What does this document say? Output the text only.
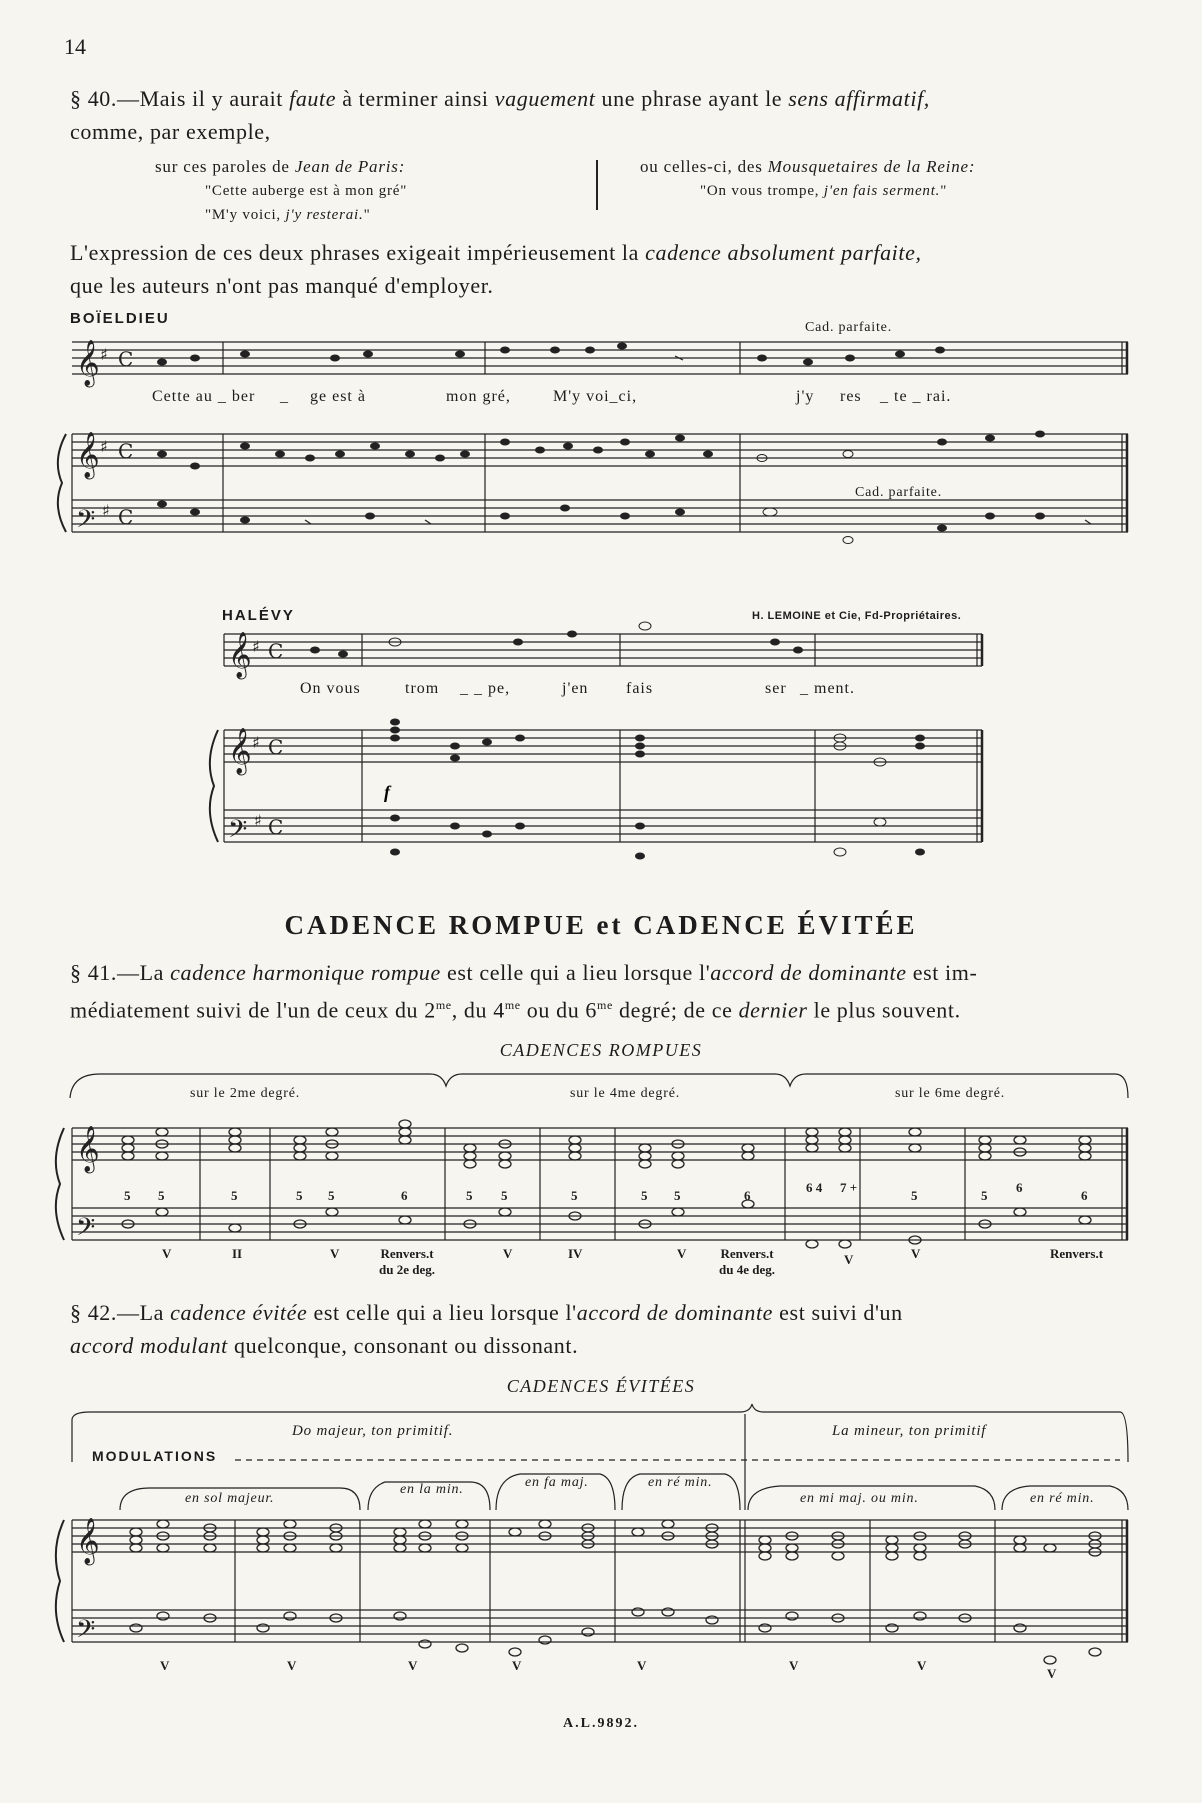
14
§ 40.—Mais il y aurait faute à terminer ainsi vaguement une phrase ayant le sens affirmatif,
comme, par exemple,
sur ces paroles de Jean de Paris:
"Cette auberge est à mon gré"
"M'y voici, j'y resterai."
ou celles-ci, des Mousquetaires de la Reine:
"On vous trompe, j'en fais serment."
L'expression de ces deux phrases exigeait impérieusement la cadence absolument parfaite,
que les auteurs n'ont pas manqué d'employer.
BOÏELDIEU
Cad. parfaite.
Cad. parfaite.
𝄞
𝄞
𝄢
♯
♯
♯
C
C
C
Cette au _ ber _ ge est à	mon gré,	M'y voi_ci,	j'y res _ te _ rai.
HALÉVY	H. LEMOINE et Cie, Fd-Propriétaires.
𝄞
𝄞
𝄢
♯
♯
♯
C
C
C
f
On vous	trom _ _ pe,	j'en fais	ser _ ment.
CADENCE ROMPUE et CADENCE ÉVITÉE
§ 41.—La cadence harmonique rompue est celle qui a lieu lorsque l'accord de dominante est im-
médiatement suivi de l'un de ceux du $2^{me}$, du $4^{me}$ ou du $6^{me}$ degré; de ce dernier le plus souvent.
CADENCES ROMPUES
sur le 2me degré.	sur le 4me degré.	sur le 6me degré.
𝄞
𝄢
5 5	5	5 5	6	5 5	5	5 5	6
6 4 7 +
5	5
6
6
V	II	V	Renvers.t du 2e deg.
V	IV	V	Renvers.t du 4e deg.
V	V	Renvers.t
§ 42.—La cadence évitée est celle qui a lieu lorsque l'accord de dominante est suivi d'un
accord modulant quelconque, consonant ou dissonant.
CADENCES ÉVITÉES
MODULATIONS
Do majeur, ton primitif.	La mineur, ton primitif
en sol majeur.
en la min.	en fa maj.	en ré min.
en mi maj. ou min.	en ré min.
𝄞
𝄢
V	V	V	V	V	V	V
V
A.L.9892.
